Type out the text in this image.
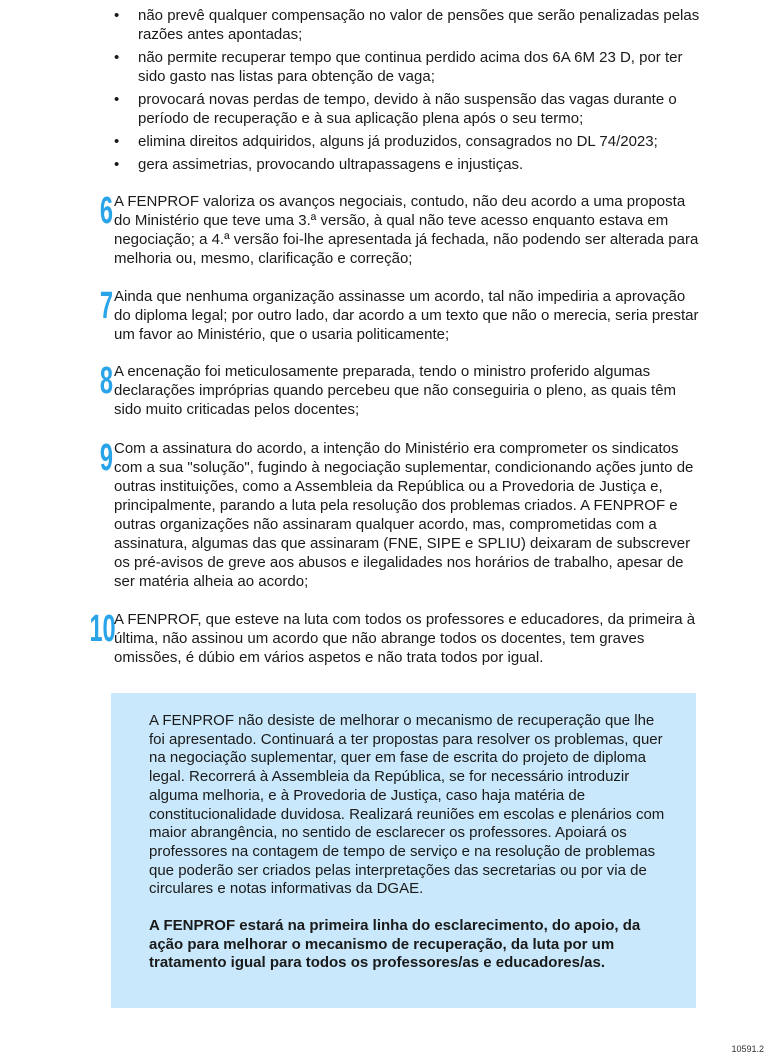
• não prevê qualquer compensação no valor de pensões que serão penalizadas pelas razões antes apontadas;
• não permite recuperar tempo que continua perdido acima dos 6A 6M 23 D, por ter sido gasto nas listas para obtenção de vaga;
• provocará novas perdas de tempo, devido à não suspensão das vagas durante o período de recuperação e à sua aplicação plena após o seu termo;
• elimina direitos adquiridos, alguns já produzidos, consagrados no DL 74/2023;
• gera assimetrias, provocando ultrapassagens e injustiças.
6 A FENPROF valoriza os avanços negociais, contudo, não deu acordo a uma proposta do Ministério que teve uma 3.ª versão, à qual não teve acesso enquanto estava em negociação; a 4.ª versão foi-lhe apresentada já fechada, não podendo ser alterada para melhoria ou, mesmo, clarificação e correção;
7 Ainda que nenhuma organização assinasse um acordo, tal não impediria a aprovação do diploma legal; por outro lado, dar acordo a um texto que não o merecia, seria prestar um favor ao Ministério, que o usaria politicamente;
8 A encenação foi meticulosamente preparada, tendo o ministro proferido algumas declarações impróprias quando percebeu que não conseguiria o pleno, as quais têm sido muito criticadas pelos docentes;
9 Com a assinatura do acordo, a intenção do Ministério era comprometer os sindicatos com a sua "solução", fugindo à negociação suplementar, condicionando ações junto de outras instituições, como a Assembleia da República ou a Provedoria de Justiça e, principalmente, parando a luta pela resolução dos problemas criados. A FENPROF e outras organizações não assinaram qualquer acordo, mas, comprometidas com a assinatura, algumas das que assinaram (FNE, SIPE e SPLIU) deixaram de subscrever os pré-avisos de greve aos abusos e ilegalidades nos horários de trabalho, apesar de ser matéria alheia ao acordo;
10
A FENPROF, que esteve na luta com todos os professores e educadores, da primeira à última, não assinou um acordo que não abrange todos os docentes, tem graves omissões, é dúbio em vários aspetos e não trata todos por igual.

A FENPROF não desiste de melhorar o mecanismo de recuperação que lhe foi apresentado. Continuará a ter propostas para resolver os problemas, quer na negociação suplementar, quer em fase de escrita do projeto de diploma legal. Recorrerá à Assembleia da República, se for necessário introduzir alguma melhoria, e à Provedoria de Justiça, caso haja matéria de constitucionalidade duvidosa. Realizará reuniões em escolas e plenários com maior abrangência, no sentido de esclarecer os professores. Apoiará os professores na contagem de tempo de serviço e na resolução de problemas que poderão ser criados pelas interpretações das secretarias ou por via de circulares e notas informativas da DGAE.

A FENPROF estará na primeira linha do esclarecimento, do apoio, da ação para melhorar o mecanismo de recuperação, da luta por um tratamento igual para todos os professores/as e educadores/as.

10591.2
